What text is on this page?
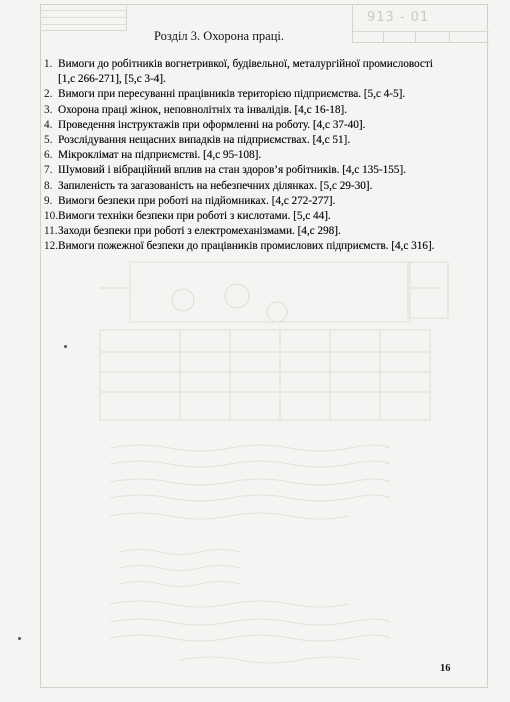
913 - 01
Розділ 3. Охорона праці.
1. Вимоги до робітників вогнетривкої, будівельної, металургійної промисловості
[1,с 266-271], [5,с 3-4].
2. Вимоги при пересуванні працівників територією підприємства. [5,с 4-5].
3. Охорона праці жінок, неповнолітніх та інвалідів. [4,с 16-18].
4. Проведення інструктажів при оформленні на роботу. [4,с 37-40].
5. Розслідування нещасних випадків на підприємствах. [4,с 51].
6. Мікроклімат на підприємстві. [4,с 95-108].
7. Шумовий і вібраційний вплив на стан здоров’я робітників. [4,с 135-155].
8. Запиленість та загазованість на небезпечних ділянках. [5,с 29-30].
9. Вимоги безпеки при роботі на підйомниках. [4,с 272-277].
10. Вимоги техніки безпеки при роботі з кислотами. [5,с 44].
11. Заходи безпеки при роботі з електромеханізмами. [4,с 298].
12. Вимоги пожежної безпеки до працівників промислових підприємств. [4,с 316].
16
